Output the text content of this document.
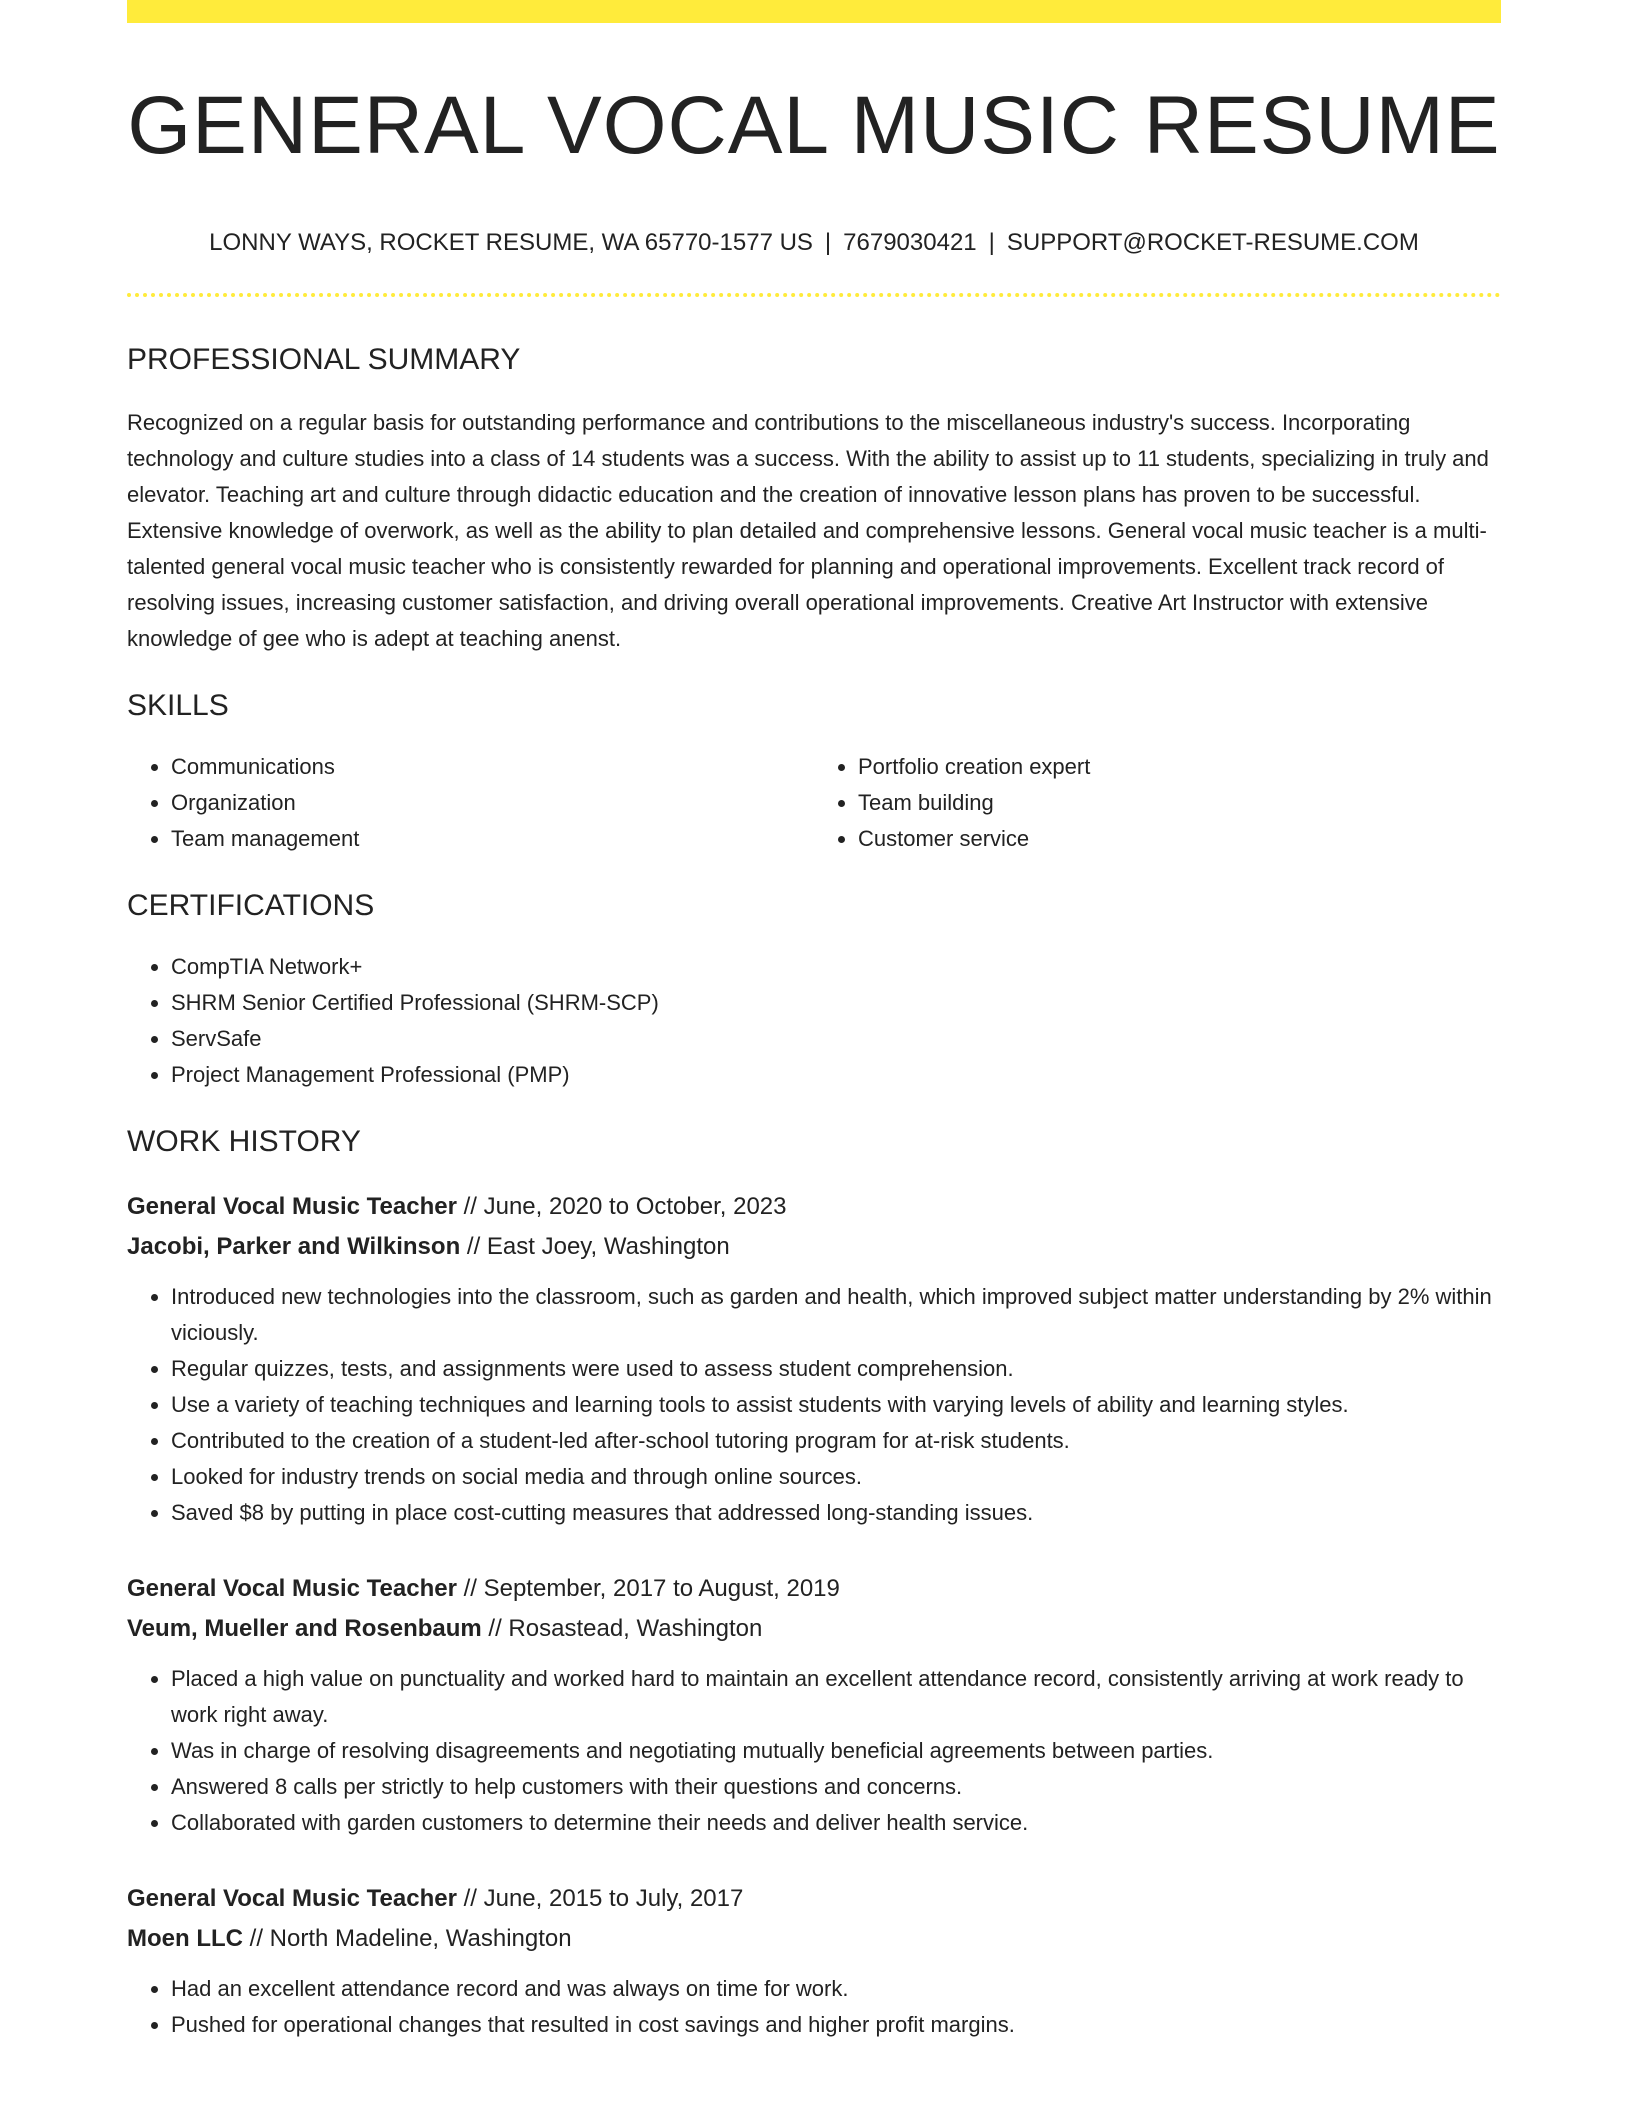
GENERAL VOCAL MUSIC RESUME
LONNY WAYS, ROCKET RESUME, WA 65770-1577 US | 7679030421 | SUPPORT@ROCKET-RESUME.COM
PROFESSIONAL SUMMARY

Recognized on a regular basis for outstanding performance and contributions to the miscellaneous industry's success. Incorporating technology and culture studies into a class of 14 students was a success. With the ability to assist up to 11 students, specializing in truly and elevator. Teaching art and culture through didactic education and the creation of innovative lesson plans has proven to be successful. Extensive knowledge of overwork, as well as the ability to plan detailed and comprehensive lessons. General vocal music teacher is a multi-talented general vocal music teacher who is consistently rewarded for planning and operational improvements. Excellent track record of resolving issues, increasing customer satisfaction, and driving overall operational improvements. Creative Art Instructor with extensive knowledge of gee who is adept at teaching anenst.

SKILLS
• Communications
• Organization
• Team management
• Portfolio creation expert
• Team building
• Customer service
CERTIFICATIONS
• CompTIA Network+
• SHRM Senior Certified Professional (SHRM-SCP)
• ServSafe
• Project Management Professional (PMP)
WORK HISTORY
General Vocal Music Teacher // June, 2020 to October, 2023
Jacobi, Parker and Wilkinson // East Joey, Washington
• Introduced new technologies into the classroom, such as garden and health, which improved subject matter understanding by 2% within viciously.
• Regular quizzes, tests, and assignments were used to assess student comprehension.
• Use a variety of teaching techniques and learning tools to assist students with varying levels of ability and learning styles.
• Contributed to the creation of a student-led after-school tutoring program for at-risk students.
• Looked for industry trends on social media and through online sources.
• Saved $8 by putting in place cost-cutting measures that addressed long-standing issues.
General Vocal Music Teacher // September, 2017 to August, 2019
Veum, Mueller and Rosenbaum // Rosastead, Washington
• Placed a high value on punctuality and worked hard to maintain an excellent attendance record, consistently arriving at work ready to work right away.
• Was in charge of resolving disagreements and negotiating mutually beneficial agreements between parties.
• Answered 8 calls per strictly to help customers with their questions and concerns.
• Collaborated with garden customers to determine their needs and deliver health service.
General Vocal Music Teacher // June, 2015 to July, 2017
Moen LLC // North Madeline, Washington
• Had an excellent attendance record and was always on time for work.
• Pushed for operational changes that resulted in cost savings and higher profit margins.
